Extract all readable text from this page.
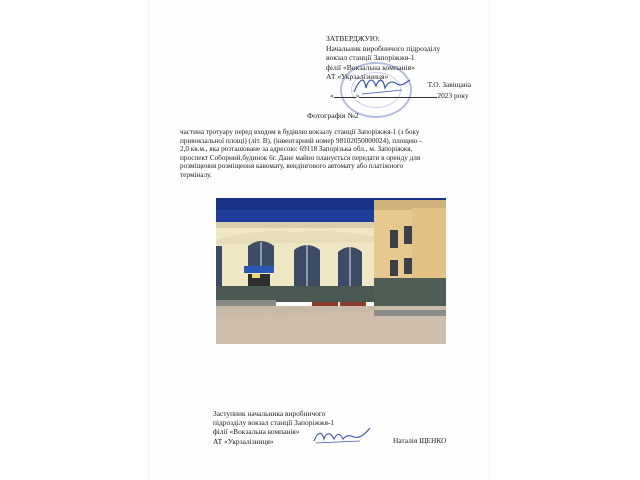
ЗАТВЕРДЖУЮ:
Начальник виробничого підрозділу
вокзал станції Запоріжжя-1
філії «Вокзальна компанія»
АТ «Укрзалізниця»
Т.О. Завіщана
«	»	2023 року
Фотографія №2
частина тротуару перед входом в будівлю вокзалу станції Запоріжжя-1 (з боку
привокзальної площі) (літ. В), (інвентарний номер 98102050000024), площею –
2,0 кв.м., яка розташоване за адресою: 69118 Запорізька обл., м. Запоріжжя,
проспект Соборний,будинок 6г. Дане майно планується передати в оренду для
розміщення розміщення кавомату, вендінгового автомату або платіжного
терміналу.
Заступник начальника виробничого
підрозділу вокзал станції Запоріжжя-1
філії «Вокзальна компанія»
АТ «Укрзалізниця»	Наталія ЩЕНКО
